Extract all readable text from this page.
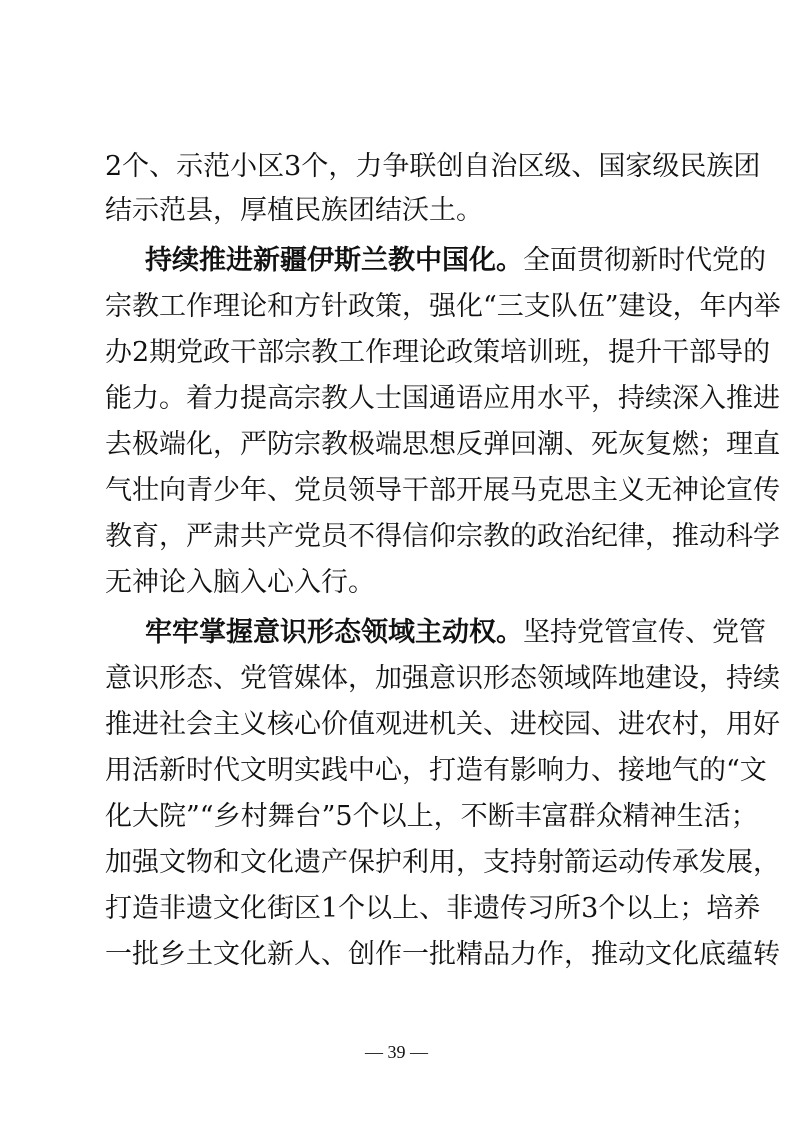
2个、示范小区3个，力争联创自治区级、国家级民族团
结示范县，厚植民族团结沃土。
持续推进新疆伊斯兰教中国化。全面贯彻新时代党的
宗教工作理论和方针政策，强化“三支队伍”建设，年内举
办2期党政干部宗教工作理论政策培训班，提升干部导的
能力。着力提高宗教人士国通语应用水平，持续深入推进
去极端化，严防宗教极端思想反弹回潮、死灰复燃；理直
气壮向青少年、党员领导干部开展马克思主义无神论宣传
教育，严肃共产党员不得信仰宗教的政治纪律，推动科学
无神论入脑入心入行。
牢牢掌握意识形态领域主动权。坚持党管宣传、党管
意识形态、党管媒体，加强意识形态领域阵地建设，持续
推进社会主义核心价值观进机关、进校园、进农村，用好
用活新时代文明实践中心，打造有影响力、接地气的“文
化大院”“乡村舞台”5个以上，不断丰富群众精神生活；
加强文物和文化遗产保护利用，支持射箭运动传承发展，
打造非遗文化街区1个以上、非遗传习所3个以上；培养
一批乡土文化新人、创作一批精品力作，推动文化底蕴转
— 39 —
